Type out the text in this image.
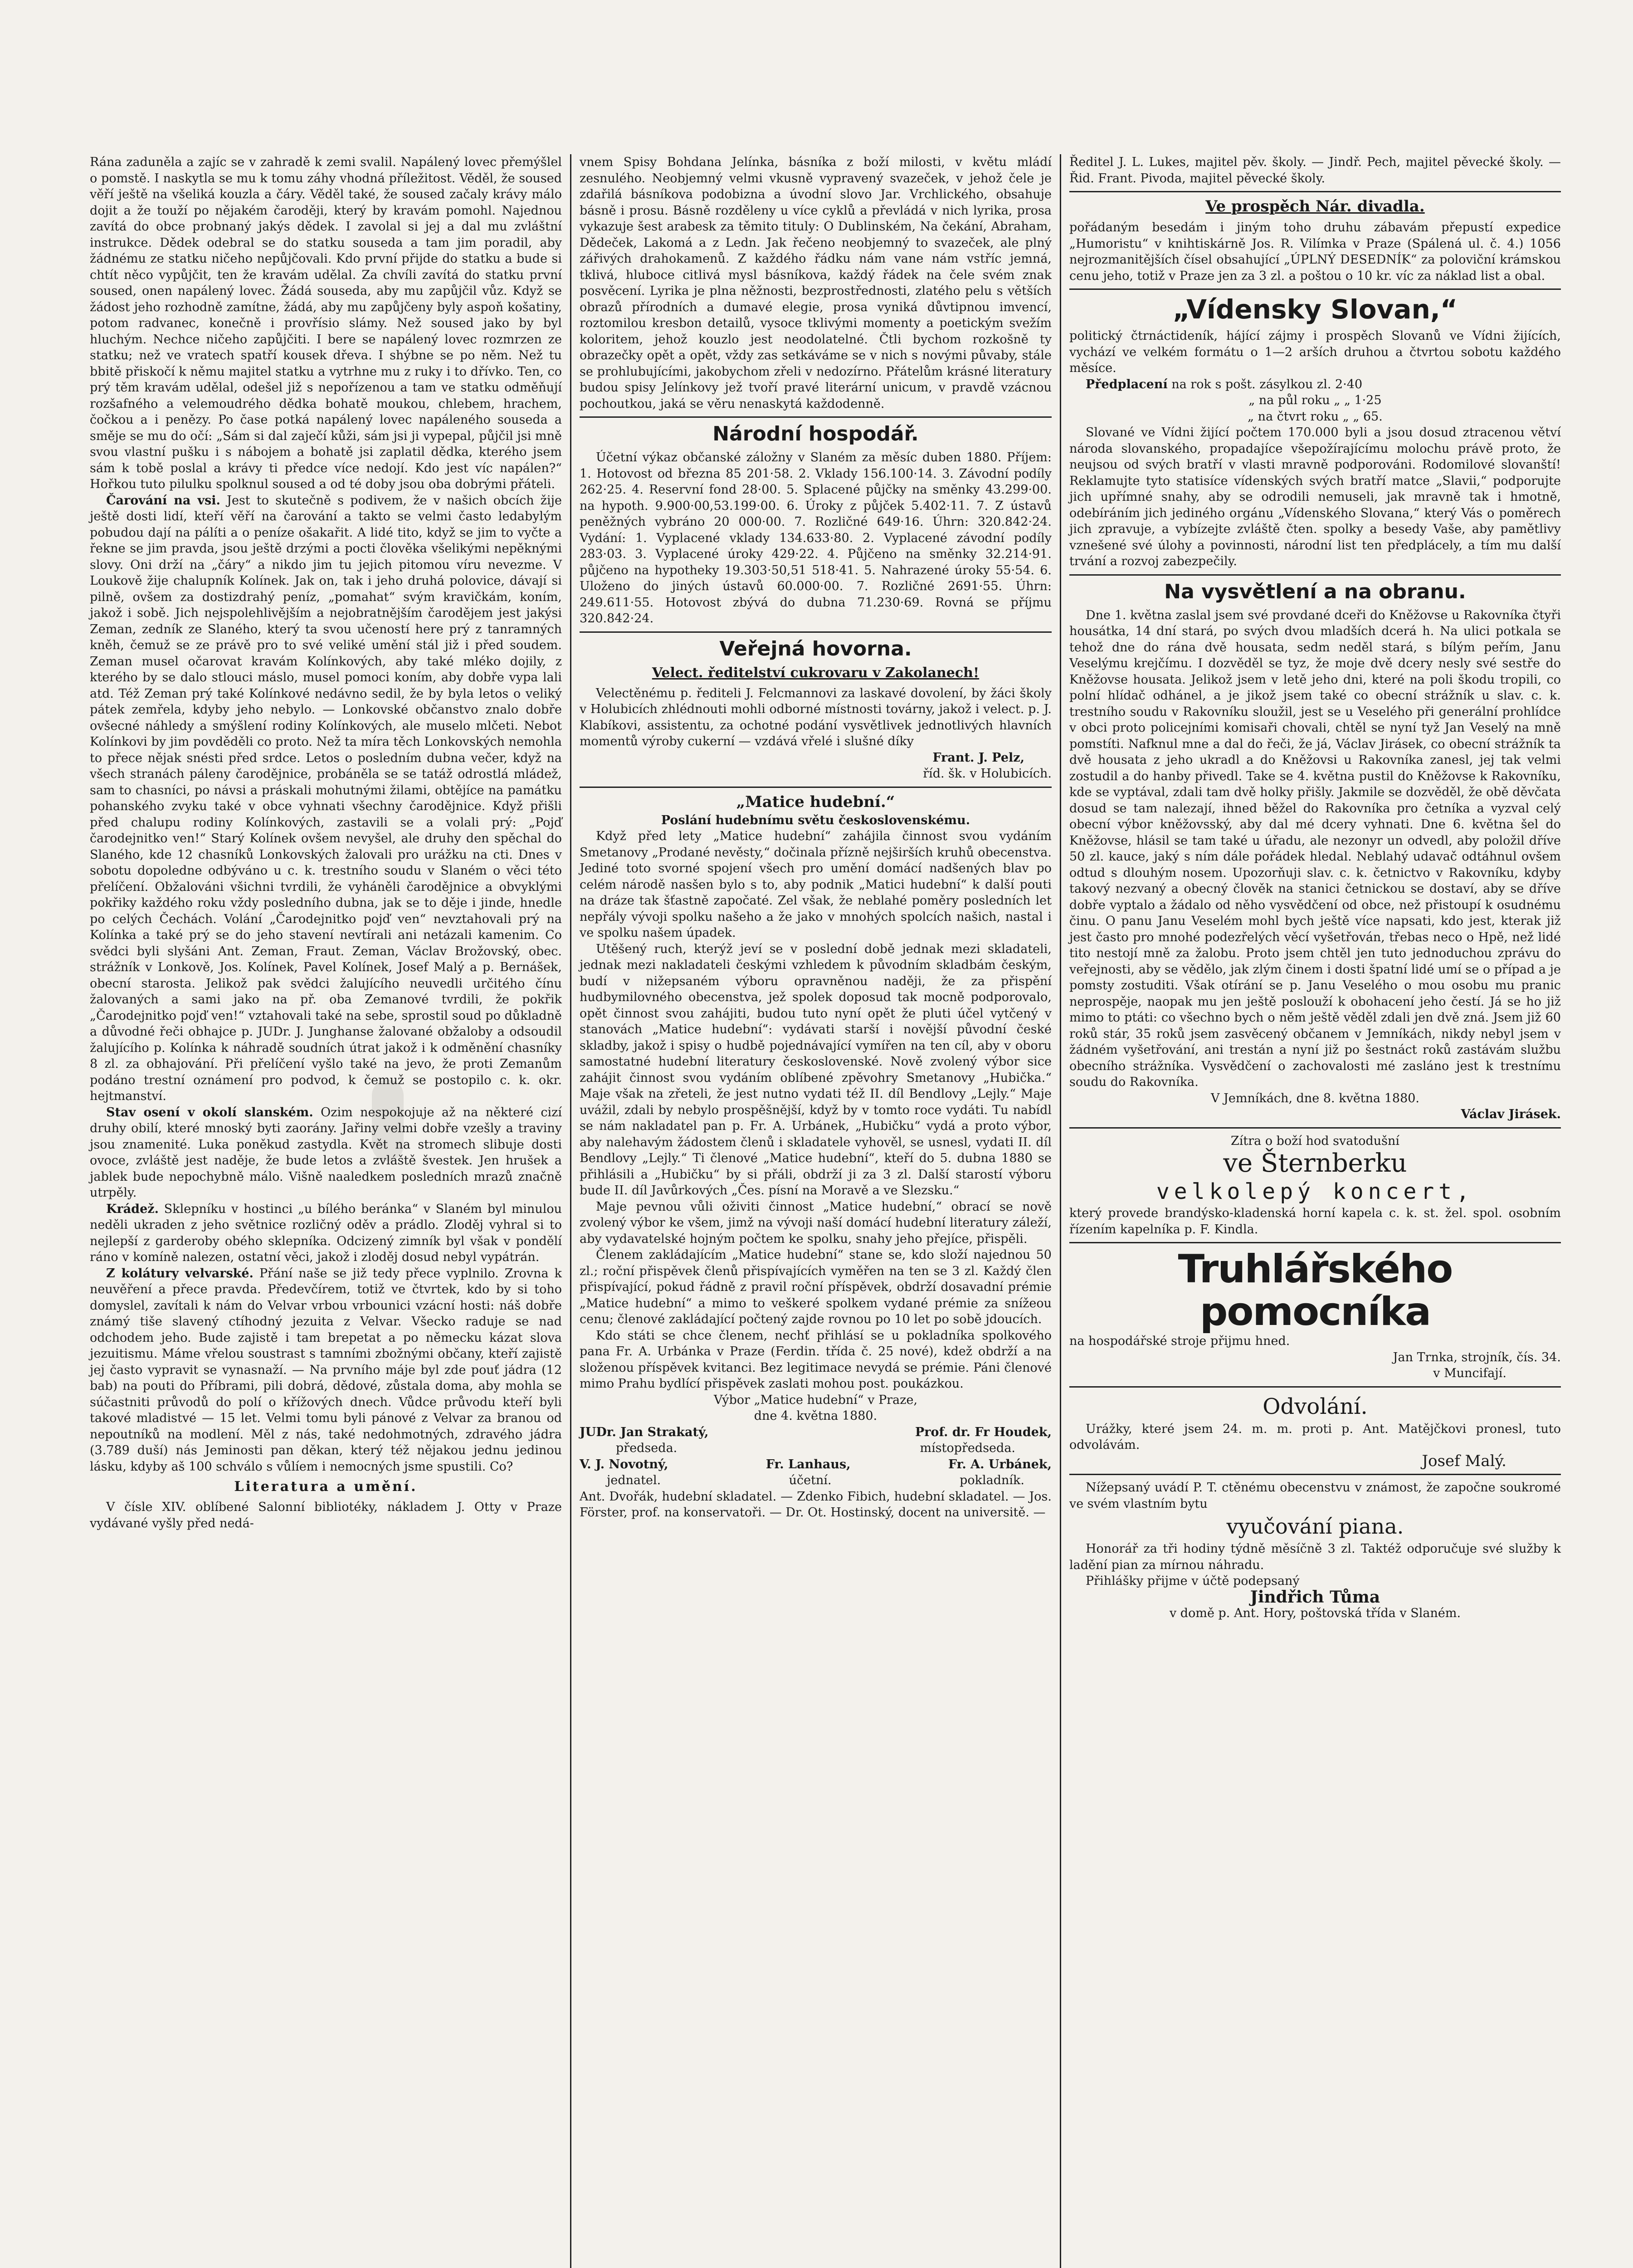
Rána zaduněla a zajíc se v zahradě k zemi svalil. Napálený lovec přemýšlel o pomstě. I naskytla se mu k tomu záhy vhodná příležitost. Věděl, že soused věří ještě na všeliká kouzla a čáry. Věděl také, že soused začaly krávy málo dojit a že touží po nějakém čaroději, který by kravám pomohl. Najednou zavítá do obce probnaný jakýs dědek. I zavolal si jej a dal mu zvláštní instrukce. Dědek odebral se do statku souseda a tam jim poradil, aby žádnému ze statku ničeho nepůjčovali. Kdo první přijde do statku a bude si chtít něco vypůjčit, ten že kravám udělal. Za chvíli zavítá do statku první soused, onen napálený lovec. Žádá souseda, aby mu zapůjčil vůz. Když se žádost jeho rozhodně zamítne, žádá, aby mu zapůjčeny byly aspoň košatiny, potom radvanec, konečně i provřísio slámy. Než soused jako by byl hluchým. Nechce ničeho zapůjčiti. I bere se napálený lovec rozmrzen ze statku; než ve vratech spatří kousek dřeva. I shýbne se po něm. Než tu bbitě přiskočí k němu majitel statku a vytrhne mu z ruky i to dřívko. Ten, co prý těm kravám udělal, odešel již s nepořízenou a tam ve statku odměňují rozšafného a velemoudrého dědka bohatě moukou, chlebem, hrachem, čočkou a i penězy. Po čase potká napálený lovec napáleného souseda a směje se mu do očí: „Sám si dal zaječí kůži, sám jsi ji vypepal, půjčil jsi mně svou vlastní pušku i s nábojem a bohatě jsi zaplatil dědka, kterého jsem sám k tobě poslal a krávy ti předce více nedojí. Kdo jest víc napálen?“ Hořkou tuto pilulku spolknul soused a od té doby jsou oba dobrými přáteli.

Čarování na vsi. Jest to skutečně s podivem, že v našich obcích žije ještě dosti lidí, kteří věří na čarování a takto se velmi často ledabylým pobudou dají na pálíti a o peníze ošakařit. A lidé tito, když se jim to vyčte a řekne se jim pravda, jsou ještě drzými a pocti člověka všelikými nepěknými slovy. Oni drží na „čáry“ a nikdo jim tu jejich pitomou víru nevezme. V Loukově žije chalupník Kolínek. Jak on, tak i jeho druhá polovice, dávají si pilně, ovšem za dostizdrahý peníz, „pomahat“ svým kravičkám, koním, jakož i sobě. Jich nejspolehlivějším a nejobratnějším čarodějem jest jakýsi Zeman, zedník ze Slaného, který ta svou učeností here prý z tanramných kněh, čemuž se ze právě pro to své veliké umění stál již i před soudem. Zeman musel očarovat kravám Kolínkových, aby také mléko dojily, z kterého by se dalo stlouci máslo, musel pomoci koním, aby dobře vypa lali atd. Též Zeman prý také Kolínkové nedávno sedil, že by byla letos o veliký pátek zemřela, kdyby jeho nebylo. — Lonkovské občanstvo znalo dobře ovšecné náhledy a smýšlení rodiny Kolínkových, ale muselo mlčeti. Nebot Kolínkovi by jim povděděli co proto. Než ta míra těch Lonkovských nemohla to přece nějak snésti před srdce. Letos o posledním dubna večer, když na všech stranách páleny čarodějnice, probáněla se se tatáž odrostlá mládež, sam to chasníci, po návsi a práskali mohutnými žilami, obtějíce na památku pohanského zvyku také v obce vyhnati všechny čarodějnice. Když přišli před chalupu rodiny Kolínkových, zastavili se a volali prý: „Pojď čarodejnitko ven!“ Starý Kolínek ovšem nevyšel, ale druhy den spěchal do Slaného, kde 12 chasníků Lonkovských žalovali pro urážku na cti. Dnes v sobotu dopoledne odbýváno u c. k. trestního soudu v Slaném o věci této přelíčení. Obžalováni všichni tvrdili, že vyháněli čarodějnice a obvyklými pokřiky každého roku vždy posledního dubna, jak se to děje i jinde, hnedle po celých Čechách. Volání „Čarodejnitko pojď ven“ nevztahovali prý na Kolínka a také prý se do jeho stavení nevtírali ani netázali kamenim. Co svědci byli slyšáni Ant. Zeman, Fraut. Zeman, Václav Brožovský, obec. strážník v Lonkově, Jos. Kolínek, Pavel Kolínek, Josef Malý a p. Bernášek, obecní starosta. Jelikož pak svědci žalujícího neuvedli určitého čínu žalovaných a sami jako na př. oba Zemanové tvrdili, že pokřik „Čarodejnitko pojď ven!“ vztahovali také na sebe, sprostil soud po důkladně a důvodné řeči obhajce p. JUDr. J. Junghanse žalované obžaloby a odsoudil žalujícího p. Kolínka k náhradě soudních útrat jakož i k odměnění chasníky 8 zl. za obhajování. Při přelíčení vyšlo také na jevo, že proti Zemanům podáno trestní oznámení pro podvod, k čemuž se postopilo c. k. okr. hejtmanství.

Stav osení v okolí slanském. Ozim nespokojuje až na některé cizí druhy obilí, které mnoský byti zaorány. Jařiny velmi dobře vzešly a traviny jsou znamenité. Luka poněkud zastydla. Květ na stromech slibuje dosti ovoce, zvláště jest naděje, že bude letos a zvláště švestek. Jen hrušek a jablek bude nepochybně málo. Višně naaledkem posledních mrazů značně utrpěly.

Krádež. Sklepníku v hostinci „u bílého beránka“ v Slaném byl minulou neděli ukraden z jeho světnice rozličný oděv a prádlo. Zloděj vyhral si to nejlepší z garderoby obého sklepníka. Odcizený zimník byl však v pondělí ráno v komíně nalezen, ostatní věci, jakož i zloděj dosud nebyl vypátrán.

Z kolátury velvarské. Přání naše se již tedy přece vyplnilo. Zrovna k neuvěření a přece pravda. Předevčírem, totiž ve čtvrtek, kdo by si toho domyslel, zavítali k nám do Velvar vrbou vrbounici vzácní hosti: náš dobře známý tiše slavený ctíhodný jezuita z Velvar. Všecko raduje se nad odchodem jeho. Bude zajistě i tam brepetat a po německu kázat slova jezuitismu. Máme vřelou soustrast s tamními zbožnými občany, kteří zajistě jej často vypravit se vynasnaží. — Na prvního máje byl zde pouť jádra (12 bab) na pouti do Příbrami, pili dobrá, dědové, zůstala doma, aby mohla se súčastniti průvodů do polí o křížových dnech. Vůdce průvodu kteří byli takové mladistvé — 15 let. Velmi tomu byli pánové z Velvar za branou od nepoutníků na modlení. Měl z nás, také nedohmotných, zdravého jádra (3.789 duší) nás Jeminosti pan děkan, který též nějakou jednu jedinou lásku, kdyby aš 100 schválo s vůlíem i nemocných jsme spustili. Co?

Literatura a umění.

V čísle XIV. oblíbené Salonní bibliotéky, nákladem J. Otty v Praze vydávané vyšly před nedá-

vnem Spisy Bohdana Jelínka, básníka z boží milosti, v květu mládí zesnulého. Neobjemný velmi vkusně vypravený svazeček, v jehož čele je zdařilá básníkova podobizna a úvodní slovo Jar. Vrchlického, obsahuje básně i prosu. Básně rozděleny u více cyklů a převládá v nich lyrika, prosa vykazuje šest arabesk za těmito tituly: O Dublinském, Na čekání, Abraham, Dědeček, Lakomá a z Ledn. Jak řečeno neobjemný to svazeček, ale plný zářivých drahokamenů. Z každého řádku nám vane nám vstříc jemná, tklivá, hluboce citlivá mysl básníkova, každý řádek na čele svém znak posvěcení. Lyrika je plna něžnosti, bezprostřednosti, zlatého pelu s větších obrazů přírodních a dumavé elegie, prosa vyniká důvtipnou imvencí, roztomilou kresbon detailů, vysoce tklivými momenty a poetickým svežím koloritem, jehož kouzlo jest neodolatelné. Čtli bychom rozkošně ty obrazečky opět a opět, vždy zas setkáváme se v nich s novými půvaby, stále se prohlubujícími, jakobychom zřeli v nedozírno. Přátelům krásné literatury budou spisy Jelínkovy jež tvoří pravé literární unicum, v pravdě vzácnou pochoutkou, jaká se věru nenaskytá každodenně.

Národní hospodář.

Účetní výkaz občanské záložny v Slaném za měsíc duben 1880. Příjem: 1. Hotovost od března 85 201·58. 2. Vklady 156.100·14. 3. Závodní podíly 262·25. 4. Reservní fond 28·00. 5. Splacené půjčky na směnky 43.299·00. na hypoth. 9.900·00,53.199·00. 6. Úroky z půjček 5.402·11. 7. Z ústavů peněžných vybráno 20 000·00. 7. Rozličné 649·16. Úhrn: 320.842·24. Vydání: 1. Vyplacené vklady 134.633·80. 2. Vyplacené závodní podíly 283·03. 3. Vyplacené úroky 429·22. 4. Půjčeno na směnky 32.214·91. půjčeno na hypotheky 19.303·50,51 518·41. 5. Nahrazené úroky 55·54. 6. Uloženo do jiných ústavů 60.000·00. 7. Rozličné 2691·55. Úhrn: 249.611·55. Hotovost zbývá do dubna 71.230·69. Rovná se příjmu 320.842·24.

Veřejná hovorna.
Velect. ředitelství cukrovaru v Zakolanech!

Velectěnému p. řediteli J. Felcmannovi za laskavé dovolení, by žáci školy v Holubicích zhlédnouti mohli odborné místnosti továrny, jakož i velect. p. J. Klabíkovi, assistentu, za ochotné podání vysvětlivek jednotlivých hlavních momentů výroby cukerní — vzdává vřelé i slušné díky

Frant. J. Pelz,

říd. šk. v Holubicích.

„Matice hudební.“
Poslání hudebnímu světu československému.

Když před lety „Matice hudební“ zahájila činnost svou vydáním Smetanovy „Prodané nevěsty,“ dočinala přízně nejširších kruhů obecenstva. Jediné toto svorné spojení všech pro umění domácí nadšených blav po celém národě nasšen bylo s to, aby podnik „Matici hudební“ k další pouti na dráze tak šťastně započaté. Zel však, že neblahé poměry posledních let nepřály vývoji spolku našeho a že jako v mnohých spolcích našich, nastal i ve spolku našem úpadek.

Utěšený ruch, kterýž jeví se v poslední době jednak mezi skladateli, jednak mezi nakladateli českými vzhledem k původním skladbám českým, budí v nižepsaném výboru opravněnou naději, že za přispění hudbymilovného obecenstva, jež spolek doposud tak mocně podporovalo, opět činnost svou zahájiti, budou tuto nyní opět že pluti účel vytčený v stanovách „Matice hudební“: vydávati starší i novější původní české skladby, jakož i spisy o hudbě pojednávající vymířen na ten cíl, aby v oboru samostatné hudební literatury československé. Nově zvolený výbor sice zahájit činnost svou vydáním oblíbené zpěvohry Smetanovy „Hubička.“ Maje však na zřeteli, že jest nutno vydati též II. díl Bendlovy „Lejly.“ Maje uvážil, zdali by nebylo prospěšnější, když by v tomto roce vydáti. Tu nabídl se nám nakladatel pan p. Fr. A. Urbánek, „Hubičku“ vydá a proto výbor, aby nalehavým žádostem členů i skladatele vyhověl, se usnesl, vydati II. díl Bendlovy „Lejly.“ Ti členové „Matice hudební“, kteří do 5. dubna 1880 se přihlásili a „Hubičku“ by si přáli, obdrží ji za 3 zl. Další starostí výboru bude II. díl Javůrkových „Čes. písní na Moravě a ve Slezsku.“

Maje pevnou vůli oživiti činnost „Matice hudební,“ obrací se nově zvolený výbor ke všem, jimž na vývoji naší domácí hudební literatury záleží, aby vydavatelské hojným počtem ke spolku, snahy jeho přejíce, přispěli.

Členem zakládajícím „Matice hudební“ stane se, kdo složí najednou 50 zl.; roční přispěvek členů přispívajících vyměřen na ten se 3 zl. Každý člen přispívající, pokud řádně z pravil roční příspěvek, obdrží dosavadní prémie „Matice hudební“ a mimo to veškeré spolkem vydané prémie za snížeou cenu; členové zakládající počtený zajde rovnou po 10 let po sobě jdoucích.

Kdo státi se chce členem, nechť přihlásí se u pokladníka spolkového pana Fr. A. Urbánka v Praze (Ferdin. třída č. 25 nové), kdež obdrží a na složenou příspěvek kvitanci. Bez legitimace nevydá se prémie. Páni členové mimo Prahu bydlící přispěvek zaslati mohou post. poukázkou.

Výbor „Matice hudební“ v Praze,

dne 4. května 1880.

JUDr. Jan Strakatý,	Prof. dr. Fr Houdek,
předseda.	místopředseda.
V. J. Novotný,	Fr. Lanhaus,	Fr. A. Urbánek,
jednatel.	účetní.	pokladník.

Ant. Dvořák, hudební skladatel. — Zdenko Fibich, hudební skladatel. — Jos. Förster, prof. na konservatoři. — Dr. Ot. Hostinský, docent na universitě. —

Ředitel J. L. Lukes, majitel pěv. školy. — Jindř. Pech, majitel pěvecké školy. — Řid. Frant. Pivoda, majitel pěvecké školy.

Ve prospěch Nár. divadla.

pořádaným besedám i jiným toho druhu zábavám přepustí expedice „Humoristu“ v knihtiskárně Jos. R. Vilímka v Praze (Spálená ul. č. 4.) 1056 nejrozmanitějších čísel obsahující „ÚPLNÝ DESEDNÍK“ za poloviční krámskou cenu jeho, totiž v Praze jen za 3 zl. a poštou o 10 kr. víc za náklad list a obal.

„Vídensky Slovan,“

politický čtrnáctideník, hájící zájmy i prospěch Slovanů ve Vídni žijících, vychází ve velkém formátu o 1—2 arších druhou a čtvrtou sobotu každého měsíce.

Předplacení na rok s pošt. zásylkou zl. 2·40

„ na půl roku „ „ 1·25

„ na čtvrt roku „ „ 65.

Slované ve Vídni žijící počtem 170.000 byli a jsou dosud ztracenou větví národa slovanského, propadajíce všepožírajícímu molochu právě proto, že neujsou od svých bratří v vlasti mravně podporováni. Rodomilové slovanští! Reklamujte tyto statisíce vídenských svých bratří matce „Slavii,“ podporujte jich upřímné snahy, aby se odrodili nemuseli, jak mravně tak i hmotně, odebíráním jich jediného orgánu „Vídenského Slovana,“ který Vás o poměrech jich zpravuje, a vybízejte zvláště čten. spolky a besedy Vaše, aby pamětlivy vznešené své úlohy a povinnosti, národní list ten předplácely, a tím mu další trvání a rozvoj zabezpečily.

Na vysvětlení a na obranu.

Dne 1. května zaslal jsem své provdané dceři do Kněžovse u Rakovníka čtyři housátka, 14 dní stará, po svých dvou mladších dcerá h. Na ulici potkala se tehož dne do rána dvě housata, sedm neděl stará, s bílým peřím, Janu Veselýmu krejčímu. I dozvěděl se tyz, že moje dvě dcery nesly své sestře do Kněžovse housata. Jelikož jsem v letě jeho dni, které na poli škodu tropili, co polní hlídač odhánel, a je jikož jsem také co obecní strážník u slav. c. k. trestního soudu v Rakovníku sloužil, jest se u Veselého při generální prohlídce v obci proto policejními komisaři chovali, chtěl se nyní tyž Jan Veselý na mně pomstíti. Nafknul mne a dal do řeči, že já, Václav Jirásek, co obecní strážník ta dvě housata z jeho ukradl a do Kněžovsi u Rakovníka zanesl, jej tak velmi zostudil a do hanby přivedl. Take se 4. května pustil do Kněžovse k Rakovníku, kde se vyptával, zdali tam dvě holky přišly. Jakmile se dozvěděl, že obě děvčata dosud se tam nalezají, ihned běžel do Rakovníka pro četníka a vyzval celý obecní výbor kněžovsský, aby dal mé dcery vyhnati. Dne 6. května šel do Kněžovse, hlásil se tam také u úřadu, ale nezonyr un odvedl, aby položil dříve 50 zl. kauce, jaký s ním dále pořádek hledal. Neblahý udavač odtáhnul ovšem odtud s dlouhým nosem. Upozorňuji slav. c. k. četnictvo v Rakovníku, kdyby takový nezvaný a obecný člověk na stanici četnickou se dostaví, aby se dříve dobře vyptalo a žádalo od něho vysvědčení od obce, než přistoupí k osudnému činu. O panu Janu Veselém mohl bych ještě více napsati, kdo jest, kterak již jest často pro mnohé podezřelých věcí vyšetřován, třebas neco o Hpě, než lidé tito nestojí mně za žalobu. Proto jsem chtěl jen tuto jednoduchou zprávu do veřejnosti, aby se vědělo, jak zlým činem i dosti špatní lidé umí se o případ a je pomsty zostuditi. Však otírání se p. Janu Veselého o mou osobu mu pranic neprospěje, naopak mu jen ještě poslouží k obohacení jeho čestí. Já se ho již mimo to ptáti: co všechno bych o něm ještě věděl zdali jen dvě zná. Jsem již 60 roků stár, 35 roků jsem zasvěcený občanem v Jemníkách, nikdy nebyl jsem v žádném vyšetřování, ani trestán a nyní již po šestnáct roků zastávám službu obecního strážníka. Vysvědčení o zachovalosti mé zasláno jest k trestnímu soudu do Rakovníka.

V Jemníkách, dne 8. května 1880.

Václav Jirásek.

Zítra o boží hod svatodušní

ve Šternberku
velkolepý koncert,

který provede brandýsko-kladenská horní kapela c. k. st. žel. spol. osobním řízením kapelníka p. F. Kindla.

Truhlářského pomocníka

na hospodářské stroje přijmu hned.

Jan Trnka, strojník, čís. 34.

v Muncifají.

Odvolání.

Urážky, které jsem 24. m. m. proti p. Ant. Matějčkovi pronesl, tuto odvolávám.

Josef Malý.

Nížepsaný uvádí P. T. ctěnému obecenstvu v známost, že započne soukromé ve svém vlastním bytu

vyučování piana.

Honorář za tři hodiny týdně měsíčně 3 zl. Taktéž odporučuje své služby k ladění pian za mírnou náhradu.

Přihlášky přijme v účtě podepsaný

Jindřich Tůma

v domě p. Ant. Hory, poštovská třída v Slaném.
